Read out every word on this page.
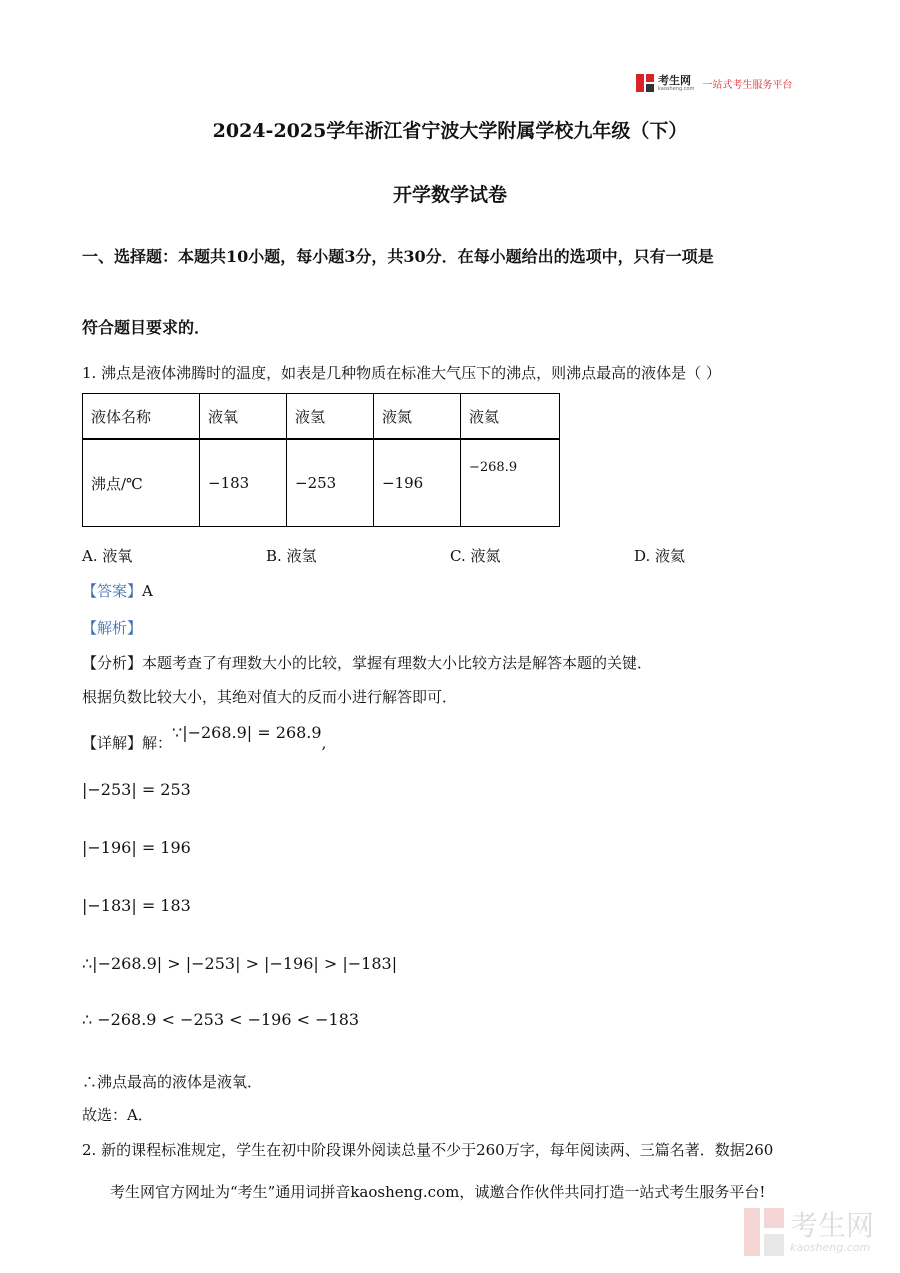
考生网
kaosheng.com 一站式考生服务平台
2024-2025学年浙江省宁波大学附属学校九年级（下）
开学数学试卷
一、选择题：本题共10小题，每小题3分，共30分．在每小题给出的选项中，只有一项是
符合题目要求的．
1. 沸点是液体沸腾时的温度，如表是几种物质在标准大气压下的沸点，则沸点最高的液体是（ ）
液体名称	液氧	液氢	液氮	液氦
沸点/℃	−183	−253	−196	−268.9
A. 液氧	B. 液氢	C. 液氮	D. 液氦
【答案】A
【解析】
【分析】本题考查了有理数大小的比较，掌握有理数大小比较方法是解答本题的关键．
根据负数比较大小，其绝对值大的反而小进行解答即可．
【详解】解：∵|−268.9| = 268.9,
|−253| = 253
|−196| = 196
|−183| = 183
∴|−268.9| > |−253| > |−196| > |−183|
∴ −268.9 < −253 < −196 < −183
∴沸点最高的液体是液氧．
故选：A．
2. 新的课程标准规定，学生在初中阶段课外阅读总量不少于260万字，每年阅读两、三篇名著．数据260
考生网官方网址为“考生”通用词拼音kaosheng.com，诚邀合作伙伴共同打造一站式考生服务平台!
考生网
kaosheng.com
